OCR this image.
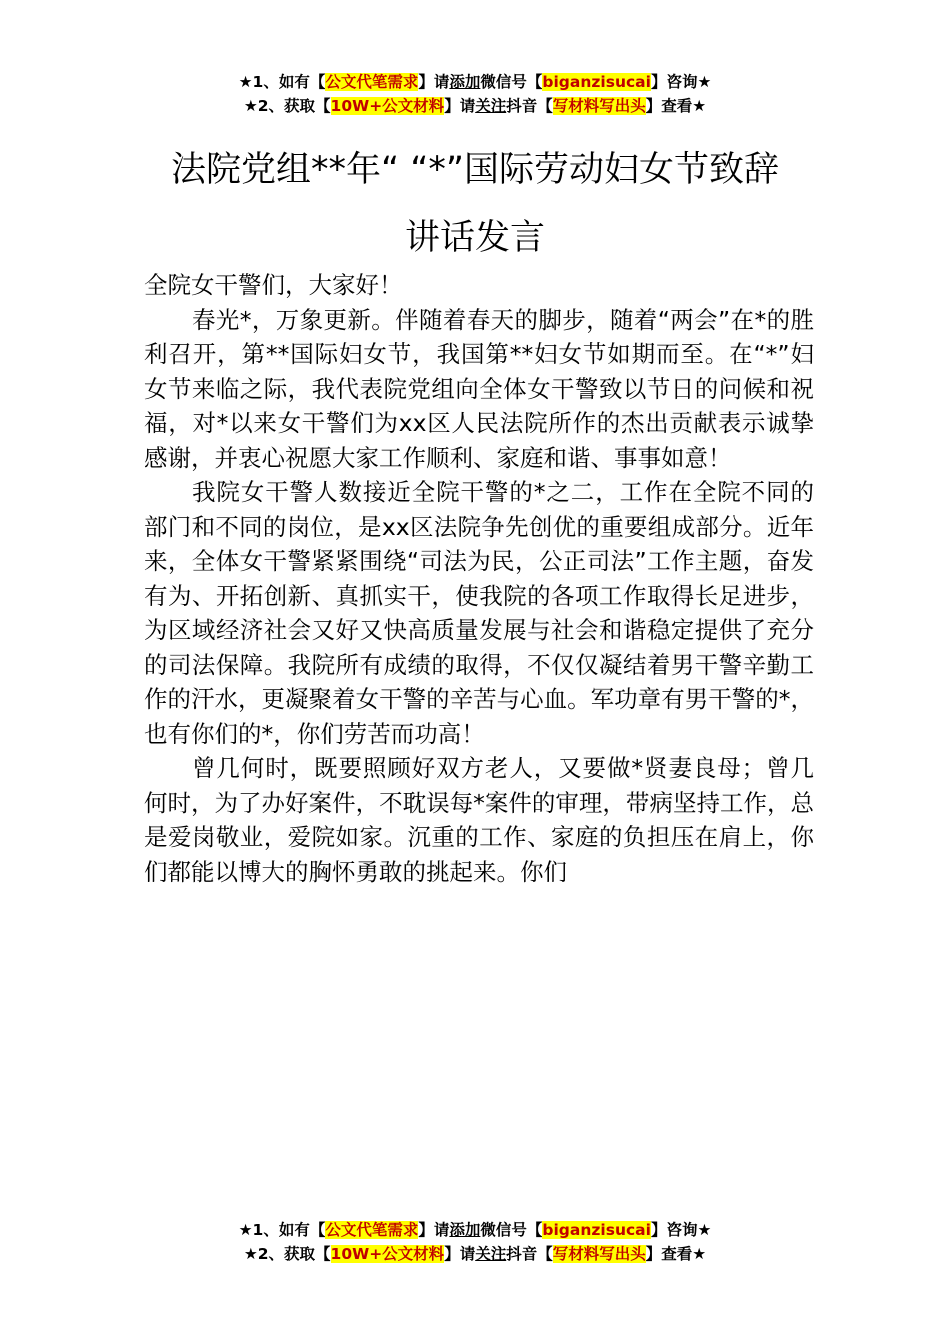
★1、如有【公文代笔需求】请添加微信号【biganzisucai】咨询★
★2、获取【10W+公文材料】请关注抖音【写材料写出头】查看★
法院党组**年“ “*”国际劳动妇女节致辞
讲话发言

全院女干警们，大家好！

春光*，万象更新。伴随着春天的脚步，随着“两会”在*的胜利召开，第**国际妇女节，我国第**妇女节如期而至。在“*”妇女节来临之际，我代表院党组向全体女干警致以节日的问候和祝福，对*以来女干警们为xx区人民法院所作的杰出贡献表示诚挚感谢，并衷心祝愿大家工作顺利、家庭和谐、事事如意！

我院女干警人数接近全院干警的*之二，工作在全院不同的部门和不同的岗位，是xx区法院争先创优的重要组成部分。近年来，全体女干警紧紧围绕“司法为民，公正司法”工作主题，奋发有为、开拓创新、真抓实干，使我院的各项工作取得长足进步，为区域经济社会又好又快高质量发展与社会和谐稳定提供了充分的司法保障。我院所有成绩的取得，不仅仅凝结着男干警辛勤工作的汗水，更凝聚着女干警的辛苦与心血。军功章有男干警的*，也有你们的*，你们劳苦而功高！

曾几何时，既要照顾好双方老人，又要做*贤妻良母；曾几何时，为了办好案件，不耽误每*案件的审理，带病坚持工作，总是爱岗敬业，爱院如家。沉重的工作、家庭的负担压在肩上，你们都能以博大的胸怀勇敢的挑起来。你们

★1、如有【公文代笔需求】请添加微信号【biganzisucai】咨询★
★2、获取【10W+公文材料】请关注抖音【写材料写出头】查看★
